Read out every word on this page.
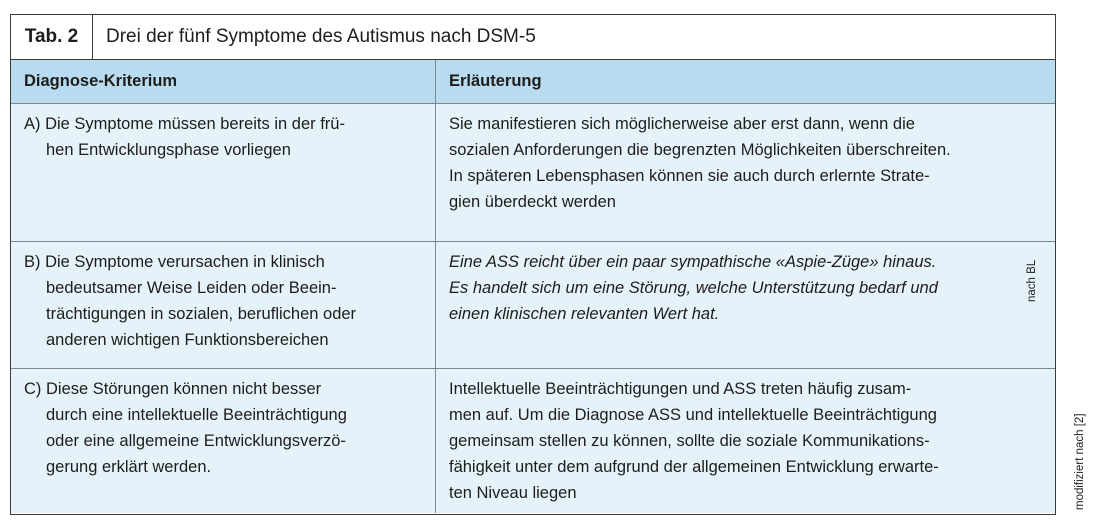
Tab. 2	Drei der fünf Symptome des Autismus nach DSM-5
Diagnose-Kriterium	Erläuterung
A) Die Symptome müssen bereits in der frü-
hen Entwicklungsphase vorliegen
Sie manifestieren sich möglicherweise aber erst dann, wenn die
sozialen Anforderungen die begrenzten Möglichkeiten überschreiten.
In späteren Lebensphasen können sie auch durch erlernte Strate-
gien überdeckt werden
B) Die Symptome verursachen in klinisch
bedeutsamer Weise Leiden oder Beein-
trächtigungen in sozialen, beruflichen oder
anderen wichtigen Funktionsbereichen
Eine ASS reicht über ein paar sympathische «Aspie-Züge» hinaus.
Es handelt sich um eine Störung, welche Unterstützung bedarf und
einen klinischen relevanten Wert hat.
C) Diese Störungen können nicht besser
durch eine intellektuelle Beeinträchtigung
oder eine allgemeine Entwicklungsverzö-
gerung erklärt werden.
Intellektuelle Beeinträchtigungen und ASS treten häufig zusam-
men auf. Um die Diagnose ASS und intellektuelle Beeinträchtigung
gemeinsam stellen zu können, sollte die soziale Kommunikations-
fähigkeit unter dem aufgrund der allgemeinen Entwicklung erwarte-
ten Niveau liegen
nach BL
modifiziert nach [2]
